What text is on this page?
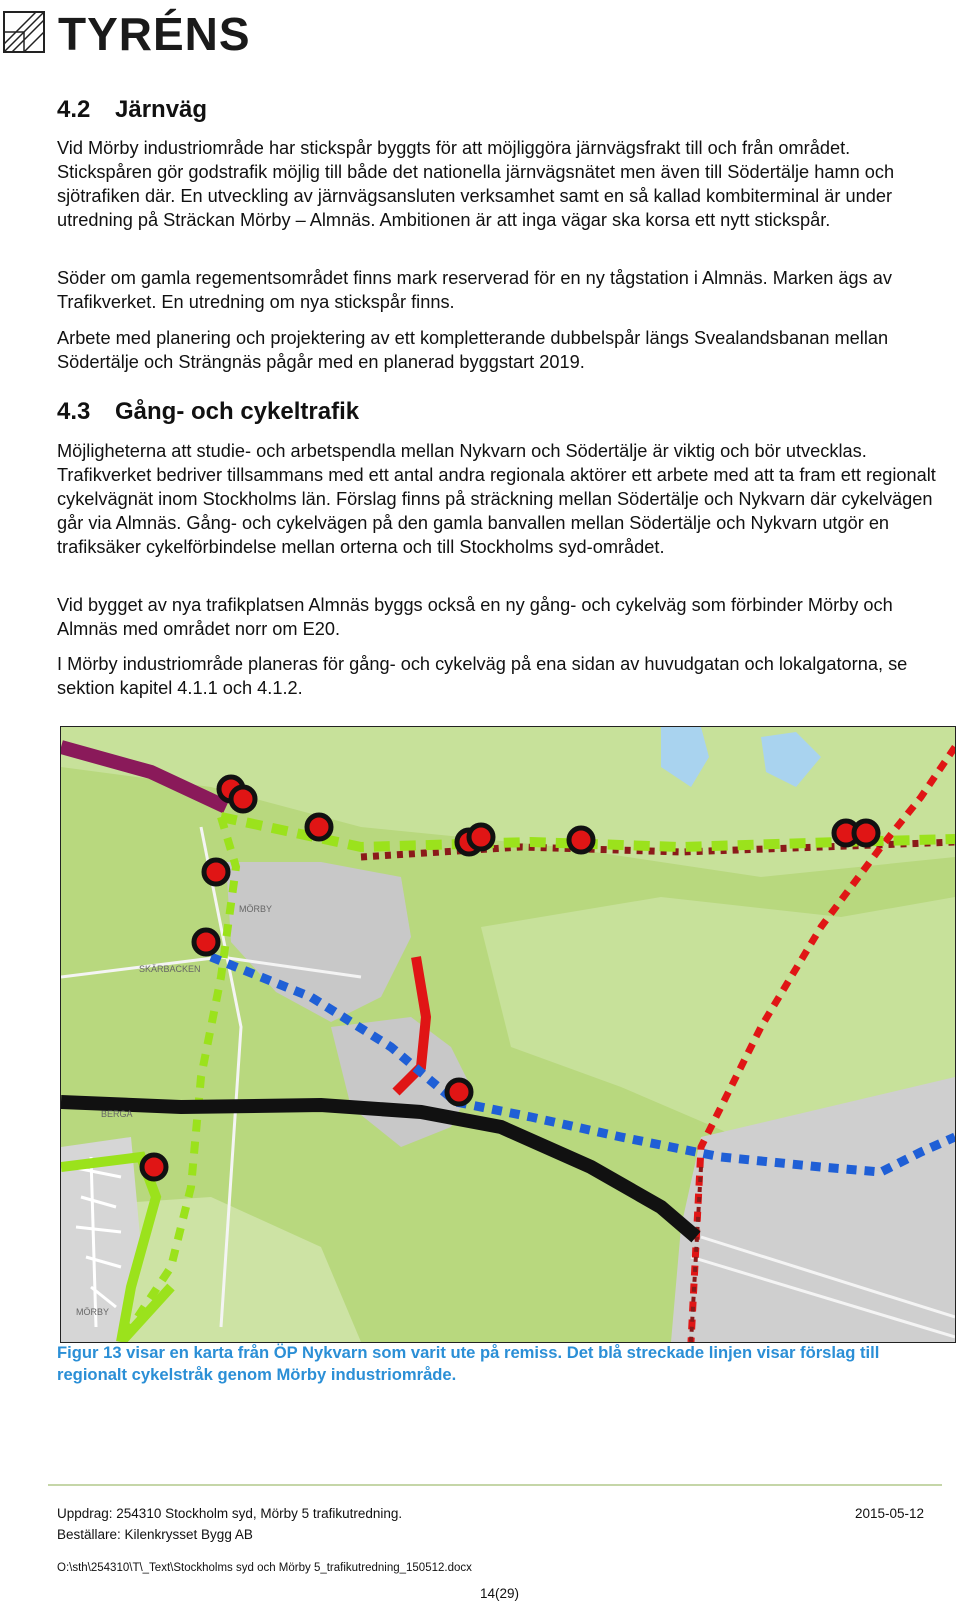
TYRÉNS
4.2 Järnväg

Vid Mörby industriområde har stickspår byggts för att möjliggöra järnvägsfrakt till och från området. Stickspåren gör godstrafik möjlig till både det nationella järnvägsnätet men även till Södertälje hamn och sjötrafiken där. En utveckling av järnvägsansluten verksamhet samt en så kallad kombiterminal är under utredning på Sträckan Mörby – Almnäs. Ambitionen är att inga vägar ska korsa ett nytt stickspår.

Söder om gamla regementsområdet finns mark reserverad för en ny tågstation i Almnäs. Marken ägs av Trafikverket. En utredning om nya stickspår finns.

Arbete med planering och projektering av ett kompletterande dubbelspår längs Svealandsbanan mellan Södertälje och Strängnäs pågår med en planerad byggstart 2019.

4.3 Gång- och cykeltrafik

Möjligheterna att studie- och arbetspendla mellan Nykvarn och Södertälje är viktig och bör utvecklas. Trafikverket bedriver tillsammans med ett antal andra regionala aktörer ett arbete med att ta fram ett regionalt cykelvägnät inom Stockholms län. Förslag finns på sträckning mellan Södertälje och Nykvarn där cykelvägen går via Almnäs. Gång- och cykelvägen på den gamla banvallen mellan Södertälje och Nykvarn utgör en trafiksäker cykelförbindelse mellan orterna och till Stockholms syd-området.

Vid bygget av nya trafikplatsen Almnäs byggs också en ny gång- och cykelväg som förbinder Mörby och Almnäs med området norr om E20.

I Mörby industriområde planeras för gång- och cykelväg på ena sidan av huvudgatan och lokalgatorna, se sektion kapitel 4.1.1 och 4.1.2.

MÖRBY
SKÄRBACKEN
BERGA
MÖRBY
Figur 13 visar en karta från ÖP Nykvarn som varit ute på remiss. Det blå streckade linjen visar förslag till regionalt cykelstråk genom Mörby industriområde.
Uppdrag: 254310 Stockholm syd, Mörby 5 trafikutredning.	2015-05-12
Beställare: Kilenkrysset Bygg AB
O:\sth\254310\T\_Text\Stockholms syd och Mörby 5_trafikutredning_150512.docx
14(29)
